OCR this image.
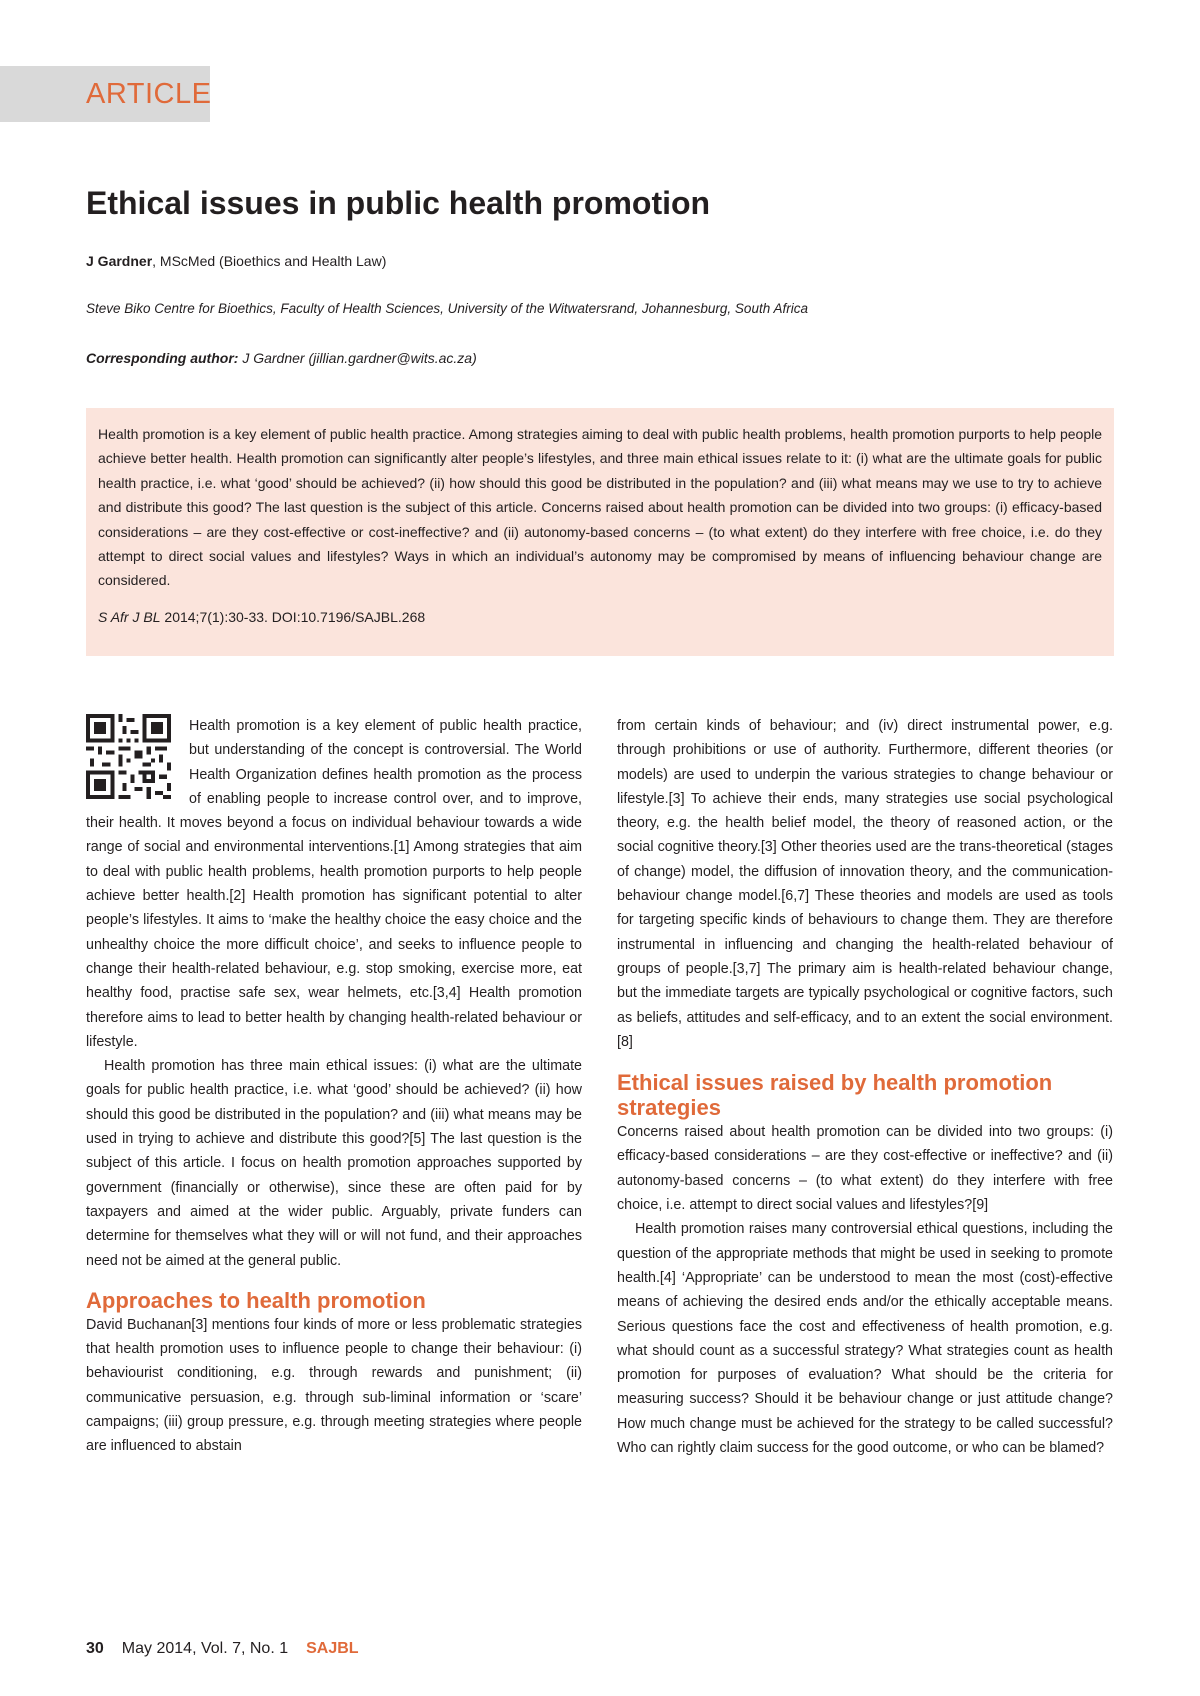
ARTICLE
Ethical issues in public health promotion
J Gardner, MScMed (Bioethics and Health Law)
Steve Biko Centre for Bioethics, Faculty of Health Sciences, University of the Witwatersrand, Johannesburg, South Africa
Corresponding author: J Gardner (jillian.gardner@wits.ac.za)

Health promotion is a key element of public health practice. Among strategies aiming to deal with public health problems, health promotion purports to help people achieve better health. Health promotion can significantly alter people’s lifestyles, and three main ethical issues relate to it: (i) what are the ultimate goals for public health practice, i.e. what ‘good’ should be achieved? (ii) how should this good be distributed in the population? and (iii) what means may we use to try to achieve and distribute this good? The last question is the subject of this article. Concerns raised about health promotion can be divided into two groups: (i) efficacy-based considerations – are they cost-effective or cost-ineffective? and (ii) autonomy-based concerns – (to what extent) do they interfere with free choice, i.e. do they attempt to direct social values and lifestyles? Ways in which an individual’s autonomy may be compromised by means of influencing behaviour change are considered.

S Afr J BL 2014;7(1):30-33. DOI:10.7196/SAJBL.268

Health promotion is a key element of public health practice, but understanding of the concept is controversial. The World Health Organization defines health promotion as the process of enabling people to increase control over, and to improve, their health. It moves beyond a focus on individual behaviour towards a wide range of social and environmental interventions.[1] Among strategies that aim to deal with public health problems, health promotion purports to help people achieve better health.[2] Health promotion has significant potential to alter people’s lifestyles. It aims to ‘make the healthy choice the easy choice and the unhealthy choice the more difficult choice’, and seeks to influence people to change their health-related behaviour, e.g. stop smoking, exercise more, eat healthy food, practise safe sex, wear helmets, etc.[3,4] Health promotion therefore aims to lead to better health by changing health-related behaviour or lifestyle.

Health promotion has three main ethical issues: (i) what are the ultimate goals for public health practice, i.e. what ‘good’ should be achieved? (ii) how should this good be distributed in the population? and (iii) what means may be used in trying to achieve and distribute this good?[5] The last question is the subject of this article. I focus on health promotion approaches supported by government (financially or otherwise), since these are often paid for by taxpayers and aimed at the wider public. Arguably, private funders can determine for themselves what they will or will not fund, and their approaches need not be aimed at the general public.

Approaches to health promotion

David Buchanan[3] mentions four kinds of more or less problematic strategies that health promotion uses to influence people to change their behaviour: (i) behaviourist conditioning, e.g. through rewards and punishment; (ii) communicative persuasion, e.g. through sub-liminal information or ‘scare’ campaigns; (iii) group pressure, e.g. through meeting strategies where people are influenced to abstain

from certain kinds of behaviour; and (iv) direct instrumental power, e.g. through prohibitions or use of authority. Furthermore, different theories (or models) are used to underpin the various strategies to change behaviour or lifestyle.[3] To achieve their ends, many strategies use social psychological theory, e.g. the health belief model, the theory of reasoned action, or the social cognitive theory.[3] Other theories used are the trans-theoretical (stages of change) model, the diffusion of innovation theory, and the communication-behaviour change model.[6,7] These theories and models are used as tools for targeting specific kinds of behaviours to change them. They are therefore instrumental in influencing and changing the health-related behaviour of groups of people.[3,7] The primary aim is health-related behaviour change, but the immediate targets are typically psychological or cognitive factors, such as beliefs, attitudes and self-efficacy, and to an extent the social environment.[8]

Ethical issues raised by health promotion strategies

Concerns raised about health promotion can be divided into two groups: (i) efficacy-based considerations – are they cost-effective or ineffective? and (ii) autonomy-based concerns – (to what extent) do they interfere with free choice, i.e. attempt to direct social values and lifestyles?[9]

Health promotion raises many controversial ethical questions, including the question of the appropriate methods that might be used in seeking to promote health.[4] ‘Appropriate’ can be understood to mean the most (cost)-effective means of achieving the desired ends and/or the ethically acceptable means. Serious questions face the cost and effectiveness of health promotion, e.g. what should count as a successful strategy? What strategies count as health promotion for purposes of evaluation? What should be the criteria for measuring success? Should it be behaviour change or just attitude change? How much change must be achieved for the strategy to be called successful? Who can rightly claim success for the good outcome, or who can be blamed?

30 May 2014, Vol. 7, No. 1 SAJBL
